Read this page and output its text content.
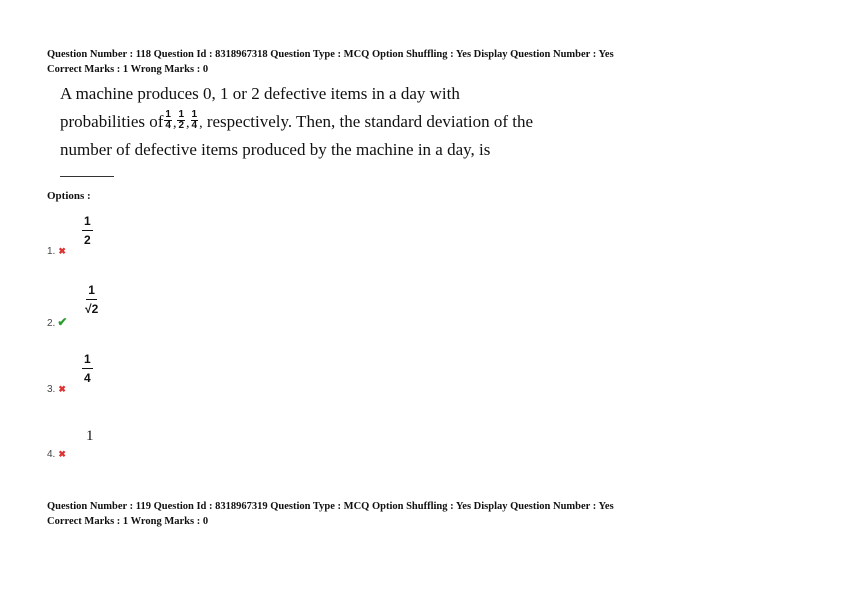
Question Number : 118 Question Id : 8318967318 Question Type : MCQ Option Shuffling : Yes Display Question Number : Yes
Correct Marks : 1 Wrong Marks : 0
A machine produces 0, 1 or 2 defective items in a day with
probabilities of $\frac{1}{4}$ , $\frac{1}{2}$ , $\frac{1}{4}$ , respectively. Then, the standard deviation of the
number of defective items produced by the machine in a day, is
Options :
$\frac{1}{2}$
1. ✖
$\frac{1}{√2}$
2. ✔
$\frac{1}{4}$
3. ✖
1
4. ✖
Question Number : 119 Question Id : 8318967319 Question Type : MCQ Option Shuffling : Yes Display Question Number : Yes
Correct Marks : 1 Wrong Marks : 0
